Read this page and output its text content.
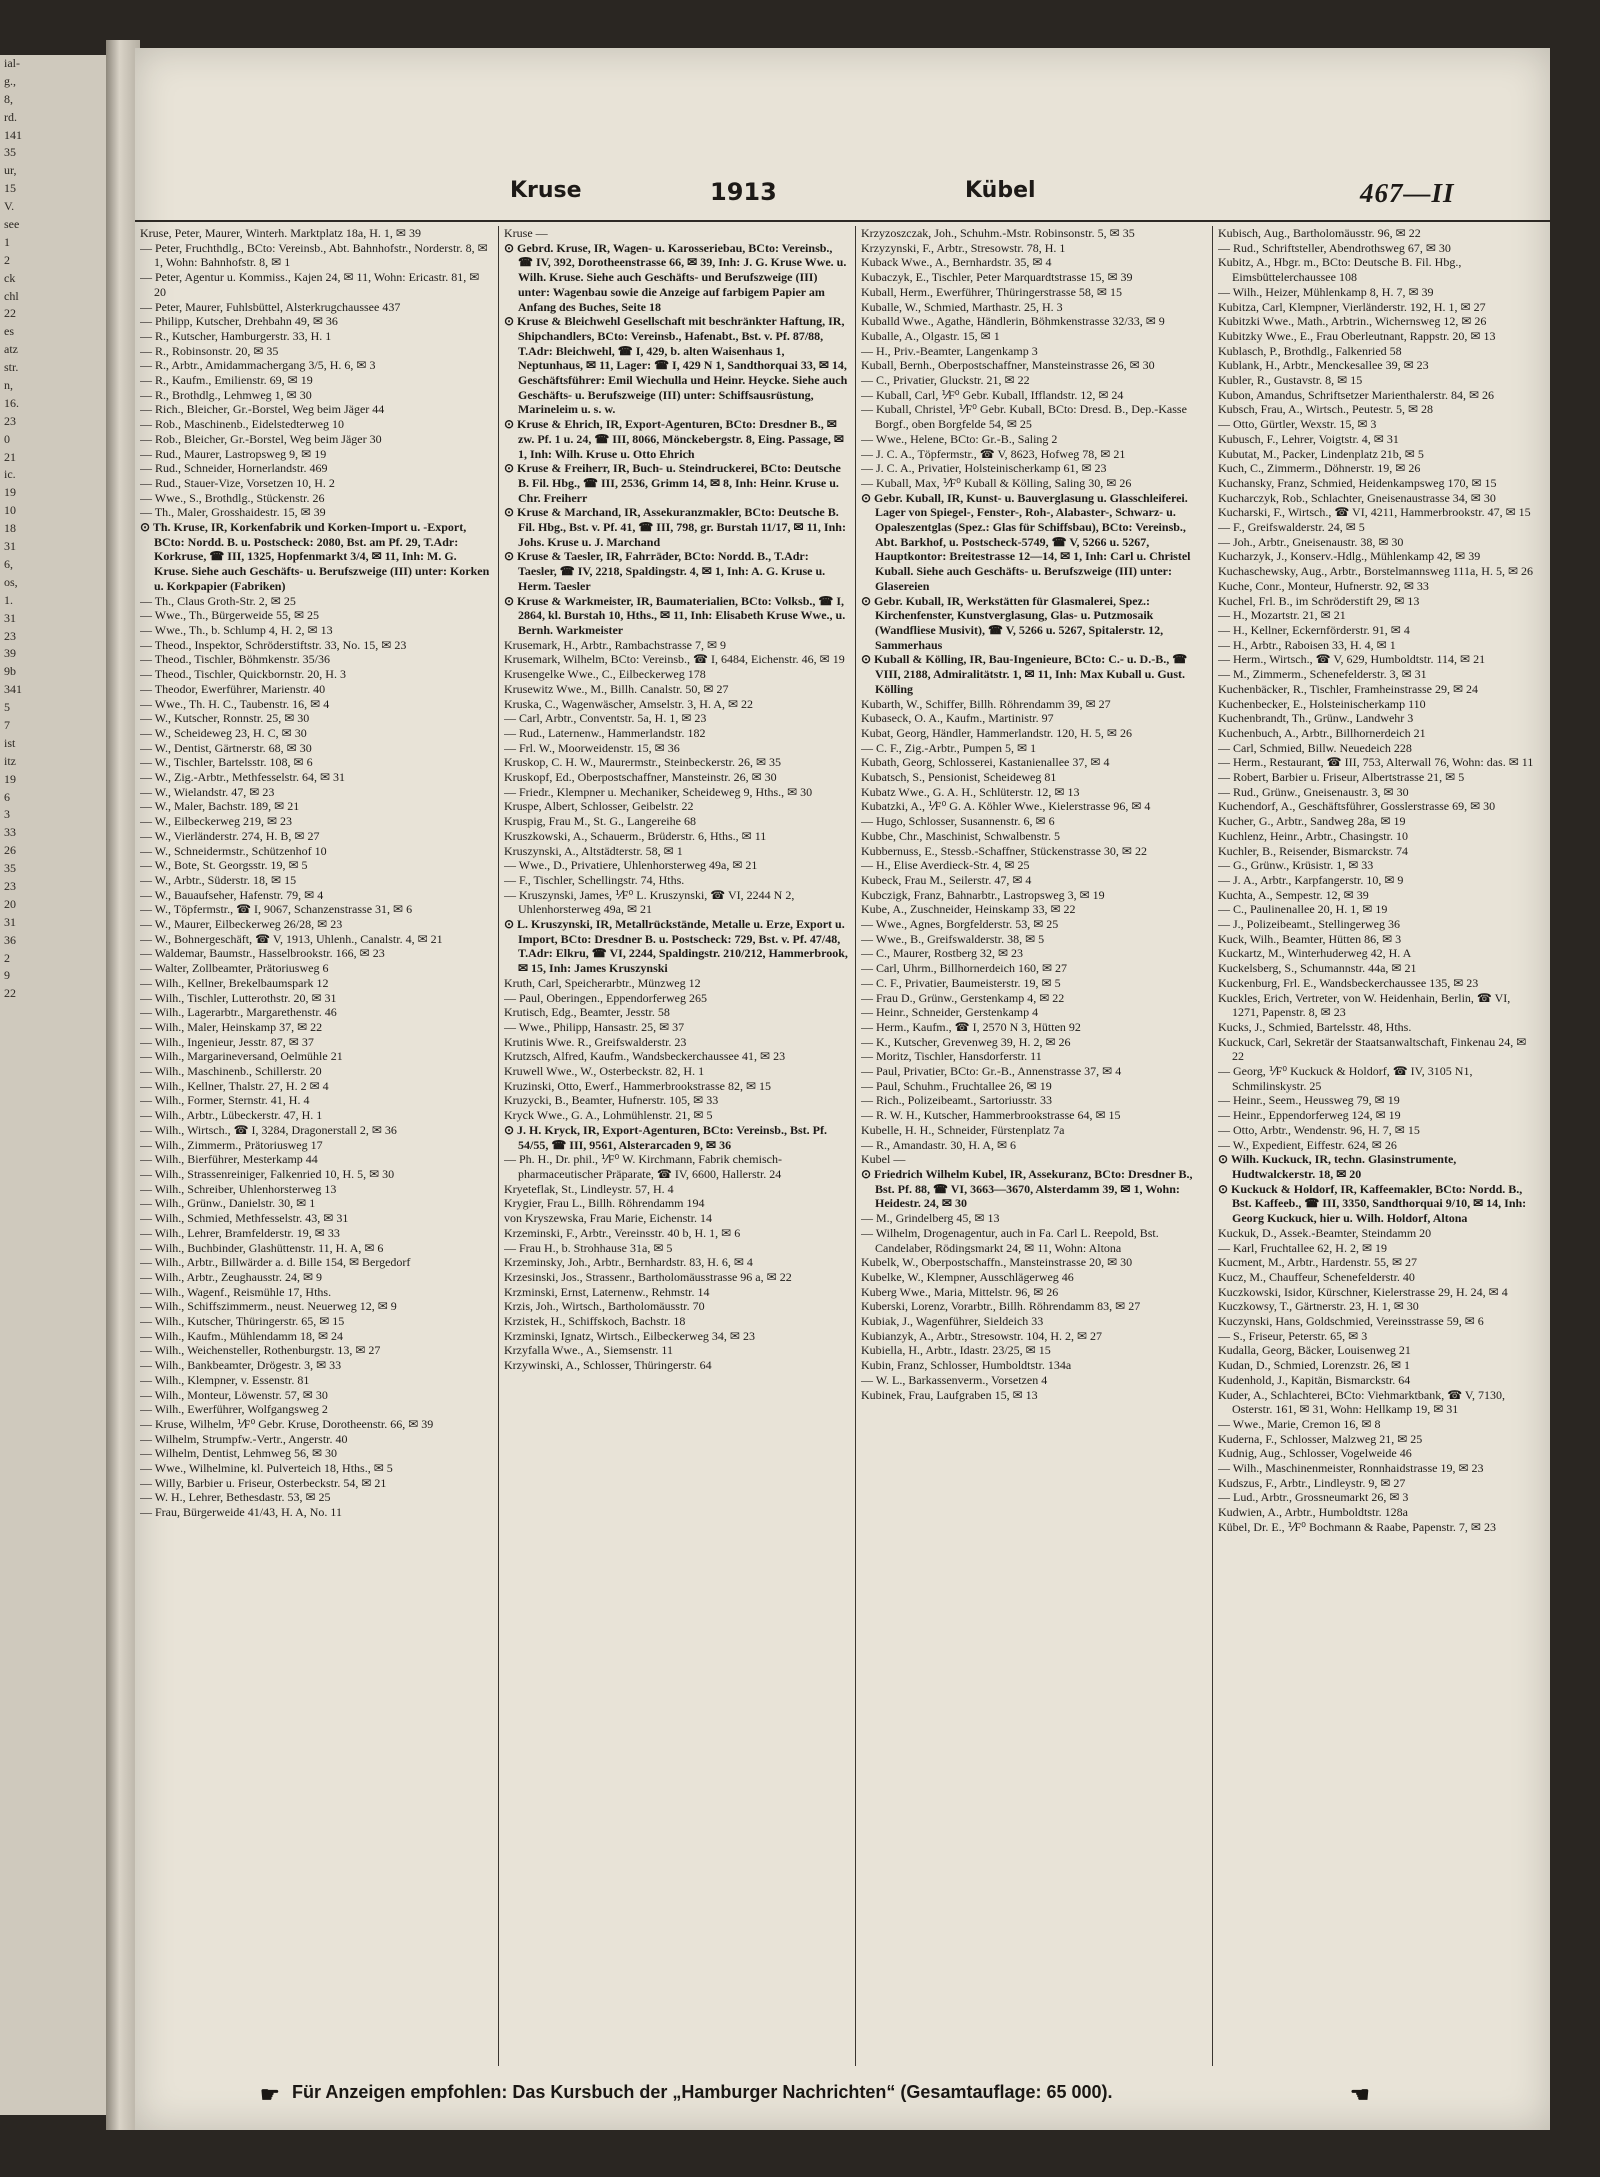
ial-
g.,
8,
rd.
141
35
ur,
15
V.
see
1
2
ck
chl
22
es
atz
str.
n,
16.
23
0
21
ic.
19
10
18
31
6,
os,
1.
31
23
39
9b
341
5
7
ist
itz
19
6
3
33
26
35
23
20
31
36
2
9
22
Kruse	1913	Kübel	467—II

Kruse, Peter, Maurer, Winterh. Marktplatz 18a, H. 1, ✉ 39

— Peter, Fruchthdlg., BCto: Vereinsb., Abt. Bahnhofstr., Norderstr. 8, ✉ 1, Wohn: Bahnhofstr. 8, ✉ 1

— Peter, Agentur u. Kommiss., Kajen 24, ✉ 11, Wohn: Ericastr. 81, ✉ 20

— Peter, Maurer, Fuhlsbüttel, Alsterkrugchaussee 437

— Philipp, Kutscher, Drehbahn 49, ✉ 36

— R., Kutscher, Hamburgerstr. 33, H. 1

— R., Robinsonstr. 20, ✉ 35

— R., Arbtr., Amidammachergang 3/5, H. 6, ✉ 3

— R., Kaufm., Emilienstr. 69, ✉ 19

— R., Brothdlg., Lehmweg 1, ✉ 30

— Rich., Bleicher, Gr.-Borstel, Weg beim Jäger 44

— Rob., Maschinenb., Eidelstedterweg 10

— Rob., Bleicher, Gr.-Borstel, Weg beim Jäger 30

— Rud., Maurer, Lastropsweg 9, ✉ 19

— Rud., Schneider, Hornerlandstr. 469

— Rud., Stauer-Vize, Vorsetzen 10, H. 2

— Wwe., S., Brothdlg., Stückenstr. 26

— Th., Maler, Grosshaidestr. 15, ✉ 39

⊙ Th. Kruse, IR, Korkenfabrik und Korken-Import u. -Export, BCto: Nordd. B. u. Postscheck: 2080, Bst. am Pf. 29, T.Adr: Korkruse, ☎ III, 1325, Hopfenmarkt 3/4, ✉ 11, Inh: M. G. Kruse. Siehe auch Geschäfts- u. Berufszweige (III) unter: Korken u. Korkpapier (Fabriken)

— Th., Claus Groth-Str. 2, ✉ 25

— Wwe., Th., Bürgerweide 55, ✉ 25

— Wwe., Th., b. Schlump 4, H. 2, ✉ 13

— Theod., Inspektor, Schröderstiftstr. 33, No. 15, ✉ 23

— Theod., Tischler, Böhmkenstr. 35/36

— Theod., Tischler, Quickbornstr. 20, H. 3

— Theodor, Ewerführer, Marienstr. 40

— Wwe., Th. H. C., Taubenstr. 16, ✉ 4

— W., Kutscher, Ronnstr. 25, ✉ 30

— W., Scheideweg 23, H. C, ✉ 30

— W., Dentist, Gärtnerstr. 68, ✉ 30

— W., Tischler, Bartelsstr. 108, ✉ 6

— W., Zig.-Arbtr., Methfesselstr. 64, ✉ 31

— W., Wielandstr. 47, ✉ 23

— W., Maler, Bachstr. 189, ✉ 21

— W., Eilbeckerweg 219, ✉ 23

— W., Vierländerstr. 274, H. B, ✉ 27

— W., Schneidermstr., Schützenhof 10

— W., Bote, St. Georgsstr. 19, ✉ 5

— W., Arbtr., Süderstr. 18, ✉ 15

— W., Bauaufseher, Hafenstr. 79, ✉ 4

— W., Töpfermstr., ☎ I, 9067, Schanzenstrasse 31, ✉ 6

— W., Maurer, Eilbeckerweg 26/28, ✉ 23

— W., Bohnergeschäft, ☎ V, 1913, Uhlenh., Canalstr. 4, ✉ 21

— Waldemar, Baumstr., Hasselbrookstr. 166, ✉ 23

— Walter, Zollbeamter, Prätoriusweg 6

— Wilh., Kellner, Brekelbaumspark 12

— Wilh., Tischler, Lutterothstr. 20, ✉ 31

— Wilh., Lagerarbtr., Margarethenstr. 46

— Wilh., Maler, Heinskamp 37, ✉ 22

— Wilh., Ingenieur, Jesstr. 87, ✉ 37

— Wilh., Margarineversand, Oelmühle 21

— Wilh., Maschinenb., Schillerstr. 20

— Wilh., Kellner, Thalstr. 27, H. 2 ✉ 4

— Wilh., Former, Sternstr. 41, H. 4

— Wilh., Arbtr., Lübeckerstr. 47, H. 1

— Wilh., Wirtsch., ☎ I, 3284, Dragonerstall 2, ✉ 36

— Wilh., Zimmerm., Prätoriusweg 17

— Wilh., Bierführer, Mesterkamp 44

— Wilh., Strassenreiniger, Falkenried 10, H. 5, ✉ 30

— Wilh., Schreiber, Uhlenhorsterweg 13

— Wilh., Grünw., Danielstr. 30, ✉ 1

— Wilh., Schmied, Methfesselstr. 43, ✉ 31

— Wilh., Lehrer, Bramfelderstr. 19, ✉ 33

— Wilh., Buchbinder, Glashüttenstr. 11, H. A, ✉ 6

— Wilh., Arbtr., Billwärder a. d. Bille 154, ✉ Bergedorf

— Wilh., Arbtr., Zeughausstr. 24, ✉ 9

— Wilh., Wagenf., Reismühle 17, Hths.

— Wilh., Schiffszimmerm., neust. Neuerweg 12, ✉ 9

— Wilh., Kutscher, Thüringerstr. 65, ✉ 15

— Wilh., Kaufm., Mühlendamm 18, ✉ 24

— Wilh., Weichensteller, Rothenburgstr. 13, ✉ 27

— Wilh., Bankbeamter, Drögestr. 3, ✉ 33

— Wilh., Klempner, v. Essenstr. 81

— Wilh., Monteur, Löwenstr. 57, ✉ 30

— Wilh., Ewerführer, Wolfgangsweg 2

— Kruse, Wilhelm, ⅟F⁰ Gebr. Kruse, Dorotheenstr. 66, ✉ 39

— Wilhelm, Strumpfw.-Vertr., Angerstr. 40

— Wilhelm, Dentist, Lehmweg 56, ✉ 30

— Wwe., Wilhelmine, kl. Pulverteich 18, Hths., ✉ 5

— Willy, Barbier u. Friseur, Osterbeckstr. 54, ✉ 21

— W. H., Lehrer, Bethesdastr. 53, ✉ 25

— Frau, Bürgerweide 41/43, H. A, No. 11

Kruse —

⊙ Gebrd. Kruse, IR, Wagen- u. Karosseriebau, BCto: Vereinsb., ☎ IV, 392, Dorotheenstrasse 66, ✉ 39, Inh: J. G. Kruse Wwe. u. Wilh. Kruse. Siehe auch Geschäfts- und Berufszweige (III) unter: Wagenbau sowie die Anzeige auf farbigem Papier am Anfang des Buches, Seite 18

⊙ Kruse & Bleichwehl Gesellschaft mit beschränkter Haftung, IR, Shipchandlers, BCto: Vereinsb., Hafenabt., Bst. v. Pf. 87/88, T.Adr: Bleichwehl, ☎ I, 429, b. alten Waisenhaus 1, Neptunhaus, ✉ 11, Lager: ☎ I, 429 N 1, Sandthorquai 33, ✉ 14, Geschäftsführer: Emil Wiechulla und Heinr. Heycke. Siehe auch Geschäfts- u. Berufszweige (III) unter: Schiffsausrüstung, Marineleim u. s. w.

⊙ Kruse & Ehrich, IR, Export-Agenturen, BCto: Dresdner B., ✉ zw. Pf. 1 u. 24, ☎ III, 8066, Mönckebergstr. 8, Eing. Passage, ✉ 1, Inh: Wilh. Kruse u. Otto Ehrich

⊙ Kruse & Freiherr, IR, Buch- u. Steindruckerei, BCto: Deutsche B. Fil. Hbg., ☎ III, 2536, Grimm 14, ✉ 8, Inh: Heinr. Kruse u. Chr. Freiherr

⊙ Kruse & Marchand, IR, Assekuranzmakler, BCto: Deutsche B. Fil. Hbg., Bst. v. Pf. 41, ☎ III, 798, gr. Burstah 11/17, ✉ 11, Inh: Johs. Kruse u. J. Marchand

⊙ Kruse & Taesler, IR, Fahrräder, BCto: Nordd. B., T.Adr: Taesler, ☎ IV, 2218, Spaldingstr. 4, ✉ 1, Inh: A. G. Kruse u. Herm. Taesler

⊙ Kruse & Warkmeister, IR, Baumaterialien, BCto: Volksb., ☎ I, 2864, kl. Burstah 10, Hths., ✉ 11, Inh: Elisabeth Kruse Wwe., u. Bernh. Warkmeister

Krusemark, H., Arbtr., Rambachstrasse 7, ✉ 9

Krusemark, Wilhelm, BCto: Vereinsb., ☎ I, 6484, Eichenstr. 46, ✉ 19

Krusengelke Wwe., C., Eilbeckerweg 178

Krusewitz Wwe., M., Billh. Canalstr. 50, ✉ 27

Kruska, C., Wagenwäscher, Amselstr. 3, H. A, ✉ 22

— Carl, Arbtr., Conventstr. 5a, H. 1, ✉ 23

— Rud., Laternenw., Hammerlandstr. 182

— Frl. W., Moorweidenstr. 15, ✉ 36

Kruskop, C. H. W., Maurermstr., Steinbeckerstr. 26, ✉ 35

Kruskopf, Ed., Oberpostschaffner, Mansteinstr. 26, ✉ 30

— Friedr., Klempner u. Mechaniker, Scheideweg 9, Hths., ✉ 30

Kruspe, Albert, Schlosser, Geibelstr. 22

Kruspig, Frau M., St. G., Langereihe 68

Kruszkowski, A., Schauerm., Brüderstr. 6, Hths., ✉ 11

Kruszynski, A., Altstädterstr. 58, ✉ 1

— Wwe., D., Privatiere, Uhlenhorsterweg 49a, ✉ 21

— F., Tischler, Schellingstr. 74, Hths.

— Kruszynski, James, ⅟F⁰ L. Kruszynski, ☎ VI, 2244 N 2, Uhlenhorsterweg 49a, ✉ 21

⊙ L. Kruszynski, IR, Metallrückstände, Metalle u. Erze, Export u. Import, BCto: Dresdner B. u. Postscheck: 729, Bst. v. Pf. 47/48, T.Adr: Elkru, ☎ VI, 2244, Spaldingstr. 210/212, Hammerbrook, ✉ 15, Inh: James Kruszynski

Kruth, Carl, Speicherarbtr., Münzweg 12

— Paul, Oberingen., Eppendorferweg 265

Krutisch, Edg., Beamter, Jesstr. 58

— Wwe., Philipp, Hansastr. 25, ✉ 37

Krutinis Wwe. R., Greifswalderstr. 23

Krutzsch, Alfred, Kaufm., Wandsbeckerchaussee 41, ✉ 23

Kruwell Wwe., W., Osterbeckstr. 82, H. 1

Kruzinski, Otto, Ewerf., Hammerbrookstrasse 82, ✉ 15

Kruzycki, B., Beamter, Hufnerstr. 105, ✉ 33

Kryck Wwe., G. A., Lohmühlenstr. 21, ✉ 5

⊙ J. H. Kryck, IR, Export-Agenturen, BCto: Vereinsb., Bst. Pf. 54/55, ☎ III, 9561, Alsterarcaden 9, ✉ 36

— Ph. H., Dr. phil., ⅟F⁰ W. Kirchmann, Fabrik chemisch-pharmaceutischer Präparate, ☎ IV, 6600, Hallerstr. 24

Kryeteflak, St., Lindleystr. 57, H. 4

Krygier, Frau L., Billh. Röhrendamm 194

von Kryszewska, Frau Marie, Eichenstr. 14

Krzeminski, F., Arbtr., Vereinsstr. 40 b, H. 1, ✉ 6

— Frau H., b. Strohhause 31a, ✉ 5

Krzeminsky, Joh., Arbtr., Bernhardstr. 83, H. 6, ✉ 4

Krzesinski, Jos., Strassenr., Bartholomäusstrasse 96 a, ✉ 22

Krzminski, Ernst, Laternenw., Rehmstr. 14

Krzis, Joh., Wirtsch., Bartholomäusstr. 70

Krzistek, H., Schiffskoch, Bachstr. 18

Krzminski, Ignatz, Wirtsch., Eilbeckerweg 34, ✉ 23

Krzyfalla Wwe., A., Siemsenstr. 11

Krzywinski, A., Schlosser, Thüringerstr. 64

Krzyzoszczak, Joh., Schuhm.-Mstr. Robinsonstr. 5, ✉ 35

Krzyzynski, F., Arbtr., Stresowstr. 78, H. 1

Kuback Wwe., A., Bernhardstr. 35, ✉ 4

Kubaczyk, E., Tischler, Peter Marquardtstrasse 15, ✉ 39

Kuball, Herm., Ewerführer, Thüringerstrasse 58, ✉ 15

Kuballe, W., Schmied, Marthastr. 25, H. 3

Kuballd Wwe., Agathe, Händlerin, Böhmkenstrasse 32/33, ✉ 9

Kuballe, A., Olgastr. 15, ✉ 1

— H., Priv.-Beamter, Langenkamp 3

Kuball, Bernh., Oberpostschaffner, Mansteinstrasse 26, ✉ 30

— C., Privatier, Gluckstr. 21, ✉ 22

— Kuball, Carl, ⅟F⁰ Gebr. Kuball, Ifflandstr. 12, ✉ 24

— Kuball, Christel, ⅟F⁰ Gebr. Kuball, BCto: Dresd. B., Dep.-Kasse Borgf., oben Borgfelde 54, ✉ 25

— Wwe., Helene, BCto: Gr.-B., Saling 2

— J. C. A., Töpfermstr., ☎ V, 8623, Hofweg 78, ✉ 21

— J. C. A., Privatier, Holsteinischerkamp 61, ✉ 23

— Kuball, Max, ⅟F⁰ Kuball & Kölling, Saling 30, ✉ 26

⊙ Gebr. Kuball, IR, Kunst- u. Bauverglasung u. Glasschleiferei. Lager von Spiegel-, Fenster-, Roh-, Alabaster-, Schwarz- u. Opaleszentglas (Spez.: Glas für Schiffsbau), BCto: Vereinsb., Abt. Barkhof, u. Postscheck-5749, ☎ V, 5266 u. 5267, Hauptkontor: Breitestrasse 12—14, ✉ 1, Inh: Carl u. Christel Kuball. Siehe auch Geschäfts- u. Berufszweige (III) unter: Glasereien

⊙ Gebr. Kuball, IR, Werkstätten für Glasmalerei, Spez.: Kirchenfenster, Kunstverglasung, Glas- u. Putzmosaik (Wandfliese Musivit), ☎ V, 5266 u. 5267, Spitalerstr. 12, Sammerhaus

⊙ Kuball & Kölling, IR, Bau-Ingenieure, BCto: C.- u. D.-B., ☎ VIII, 2188, Admiralitätstr. 1, ✉ 11, Inh: Max Kuball u. Gust. Kölling

Kubarth, W., Schiffer, Billh. Röhrendamm 39, ✉ 27

Kubaseck, O. A., Kaufm., Martinistr. 97

Kubat, Georg, Händler, Hammerlandstr. 120, H. 5, ✉ 26

— C. F., Zig.-Arbtr., Pumpen 5, ✉ 1

Kubath, Georg, Schlosserei, Kastanienallee 37, ✉ 4

Kubatsch, S., Pensionist, Scheideweg 81

Kubatz Wwe., G. A. H., Schlüterstr. 12, ✉ 13

Kubatzki, A., ⅟F⁰ G. A. Köhler Wwe., Kielerstrasse 96, ✉ 4

— Hugo, Schlosser, Susannenstr. 6, ✉ 6

Kubbe, Chr., Maschinist, Schwalbenstr. 5

Kubbernuss, E., Stessb.-Schaffner, Stückenstrasse 30, ✉ 22

— H., Elise Averdieck-Str. 4, ✉ 25

Kubeck, Frau M., Seilerstr. 47, ✉ 4

Kubczigk, Franz, Bahnarbtr., Lastropsweg 3, ✉ 19

Kube, A., Zuschneider, Heinskamp 33, ✉ 22

— Wwe., Agnes, Borgfelderstr. 53, ✉ 25

— Wwe., B., Greifswalderstr. 38, ✉ 5

— C., Maurer, Rostberg 32, ✉ 23

— Carl, Uhrm., Billhornerdeich 160, ✉ 27

— C. F., Privatier, Baumeisterstr. 19, ✉ 5

— Frau D., Grünw., Gerstenkamp 4, ✉ 22

— Heinr., Schneider, Gerstenkamp 4

— Herm., Kaufm., ☎ I, 2570 N 3, Hütten 92

— K., Kutscher, Grevenweg 39, H. 2, ✉ 26

— Moritz, Tischler, Hansdorferstr. 11

— Paul, Privatier, BCto: Gr.-B., Annenstrasse 37, ✉ 4

— Paul, Schuhm., Fruchtallee 26, ✉ 19

— Rich., Polizeibeamt., Sartoriusstr. 33

— R. W. H., Kutscher, Hammerbrookstrasse 64, ✉ 15

Kubelle, H. H., Schneider, Fürstenplatz 7a

— R., Amandastr. 30, H. A, ✉ 6

Kubel —

⊙ Friedrich Wilhelm Kubel, IR, Assekuranz, BCto: Dresdner B., Bst. Pf. 88, ☎ VI, 3663—3670, Alsterdamm 39, ✉ 1, Wohn: Heidestr. 24, ✉ 30

— M., Grindelberg 45, ✉ 13

— Wilhelm, Drogenagentur, auch in Fa. Carl L. Reepold, Bst. Candelaber, Rödingsmarkt 24, ✉ 11, Wohn: Altona

Kubelk, W., Oberpostschaffn., Mansteinstrasse 20, ✉ 30

Kubelke, W., Klempner, Ausschlägerweg 46

Kuberg Wwe., Maria, Mittelstr. 96, ✉ 26

Kuberski, Lorenz, Vorarbtr., Billh. Röhrendamm 83, ✉ 27

Kubiak, J., Wagenführer, Sieldeich 33

Kubianzyk, A., Arbtr., Stresowstr. 104, H. 2, ✉ 27

Kubiella, H., Arbtr., Idastr. 23/25, ✉ 15

Kubin, Franz, Schlosser, Humboldtstr. 134a

— W. L., Barkassenverm., Vorsetzen 4

Kubinek, Frau, Laufgraben 15, ✉ 13

Kubisch, Aug., Bartholomäusstr. 96, ✉ 22

— Rud., Schriftsteller, Abendrothsweg 67, ✉ 30

Kubitz, A., Hbgr. m., BCto: Deutsche B. Fil. Hbg., Eimsbüttelerchaussee 108

— Wilh., Heizer, Mühlenkamp 8, H. 7, ✉ 39

Kubitza, Carl, Klempner, Vierländerstr. 192, H. 1, ✉ 27

Kubitzki Wwe., Math., Arbtrin., Wichernsweg 12, ✉ 26

Kubitzky Wwe., E., Frau Oberleutnant, Rappstr. 20, ✉ 13

Kublasch, P., Brothdlg., Falkenried 58

Kublank, H., Arbtr., Menckesallee 39, ✉ 23

Kubler, R., Gustavstr. 8, ✉ 15

Kubon, Amandus, Schriftsetzer Marienthalerstr. 84, ✉ 26

Kubsch, Frau, A., Wirtsch., Peutestr. 5, ✉ 28

— Otto, Gürtler, Wexstr. 15, ✉ 3

Kubusch, F., Lehrer, Voigtstr. 4, ✉ 31

Kubutat, M., Packer, Lindenplatz 21b, ✉ 5

Kuch, C., Zimmerm., Döhnerstr. 19, ✉ 26

Kuchansky, Franz, Schmied, Heidenkampsweg 170, ✉ 15

Kucharczyk, Rob., Schlachter, Gneisenaustrasse 34, ✉ 30

Kucharski, F., Wirtsch., ☎ VI, 4211, Hammerbrookstr. 47, ✉ 15

— F., Greifswalderstr. 24, ✉ 5

— Joh., Arbtr., Gneisenaustr. 38, ✉ 30

Kucharzyk, J., Konserv.-Hdlg., Mühlenkamp 42, ✉ 39

Kuchaschewsky, Aug., Arbtr., Borstelmannsweg 111a, H. 5, ✉ 26

Kuche, Conr., Monteur, Hufnerstr. 92, ✉ 33

Kuchel, Frl. B., im Schröderstift 29, ✉ 13

— H., Mozartstr. 21, ✉ 21

— H., Kellner, Eckernförderstr. 91, ✉ 4

— H., Arbtr., Raboisen 33, H. 4, ✉ 1

— Herm., Wirtsch., ☎ V, 629, Humboldtstr. 114, ✉ 21

— M., Zimmerm., Schenefelderstr. 3, ✉ 31

Kuchenbäcker, R., Tischler, Framheinstrasse 29, ✉ 24

Kuchenbecker, E., Holsteinischerkamp 110

Kuchenbrandt, Th., Grünw., Landwehr 3

Kuchenbuch, A., Arbtr., Billhornerdeich 21

— Carl, Schmied, Billw. Neuedeich 228

— Herm., Restaurant, ☎ III, 753, Alterwall 76, Wohn: das. ✉ 11

— Robert, Barbier u. Friseur, Albertstrasse 21, ✉ 5

— Rud., Grünw., Gneisenaustr. 3, ✉ 30

Kuchendorf, A., Geschäftsführer, Gosslerstrasse 69, ✉ 30

Kucher, G., Arbtr., Sandweg 28a, ✉ 19

Kuchlenz, Heinr., Arbtr., Chasingstr. 10

Kuchler, B., Reisender, Bismarckstr. 74

— G., Grünw., Krüsistr. 1, ✉ 33

— J. A., Arbtr., Karpfangerstr. 10, ✉ 9

Kuchta, A., Sempestr. 12, ✉ 39

— C., Paulinenallee 20, H. 1, ✉ 19

— J., Polizeibeamt., Stellingerweg 36

Kuck, Wilh., Beamter, Hütten 86, ✉ 3

Kuckartz, M., Winterhuderweg 42, H. A

Kuckelsberg, S., Schumannstr. 44a, ✉ 21

Kuckenburg, Frl. E., Wandsbeckerchaussee 135, ✉ 23

Kuckles, Erich, Vertreter, von W. Heidenhain, Berlin, ☎ VI, 1271, Papenstr. 8, ✉ 23

Kucks, J., Schmied, Bartelsstr. 48, Hths.

Kuckuck, Carl, Sekretär der Staatsanwaltschaft, Finkenau 24, ✉ 22

— Georg, ⅟F⁰ Kuckuck & Holdorf, ☎ IV, 3105 N1, Schmilinskystr. 25

— Heinr., Seem., Heussweg 79, ✉ 19

— Heinr., Eppendorferweg 124, ✉ 19

— Otto, Arbtr., Wendenstr. 96, H. 7, ✉ 15

— W., Expedient, Eiffestr. 624, ✉ 26

⊙ Wilh. Kuckuck, IR, techn. Glasinstrumente, Hudtwalckerstr. 18, ✉ 20

⊙ Kuckuck & Holdorf, IR, Kaffeemakler, BCto: Nordd. B., Bst. Kaffeeb., ☎ III, 3350, Sandthorquai 9/10, ✉ 14, Inh: Georg Kuckuck, hier u. Wilh. Holdorf, Altona

Kuckuk, D., Assek.-Beamter, Steindamm 20

— Karl, Fruchtallee 62, H. 2, ✉ 19

Kucment, M., Arbtr., Hardenstr. 55, ✉ 27

Kucz, M., Chauffeur, Schenefelderstr. 40

Kuczkowski, Isidor, Kürschner, Kielerstrasse 29, H. 24, ✉ 4

Kuczkowsy, T., Gärtnerstr. 23, H. 1, ✉ 30

Kuczynski, Hans, Goldschmied, Vereinsstrasse 59, ✉ 6

— S., Friseur, Peterstr. 65, ✉ 3

Kudalla, Georg, Bäcker, Louisenweg 21

Kudan, D., Schmied, Lorenzstr. 26, ✉ 1

Kudenhold, J., Kapitän, Bismarckstr. 64

Kuder, A., Schlachterei, BCto: Viehmarktbank, ☎ V, 7130, Osterstr. 161, ✉ 31, Wohn: Hellkamp 19, ✉ 31

— Wwe., Marie, Cremon 16, ✉ 8

Kuderna, F., Schlosser, Malzweg 21, ✉ 25

Kudnig, Aug., Schlosser, Vogelweide 46

— Wilh., Maschinenmeister, Ronnhaidstrasse 19, ✉ 23

Kudszus, F., Arbtr., Lindleystr. 9, ✉ 27

— Lud., Arbtr., Grossneumarkt 26, ✉ 3

Kudwien, A., Arbtr., Humboldtstr. 128a

Kübel, Dr. E., ⅟F⁰ Bochmann & Raabe, Papenstr. 7, ✉ 23

☛ Für Anzeigen empfohlen: Das Kursbuch der „Hamburger Nachrichten“ (Gesamtauflage: 65 000).	☚
